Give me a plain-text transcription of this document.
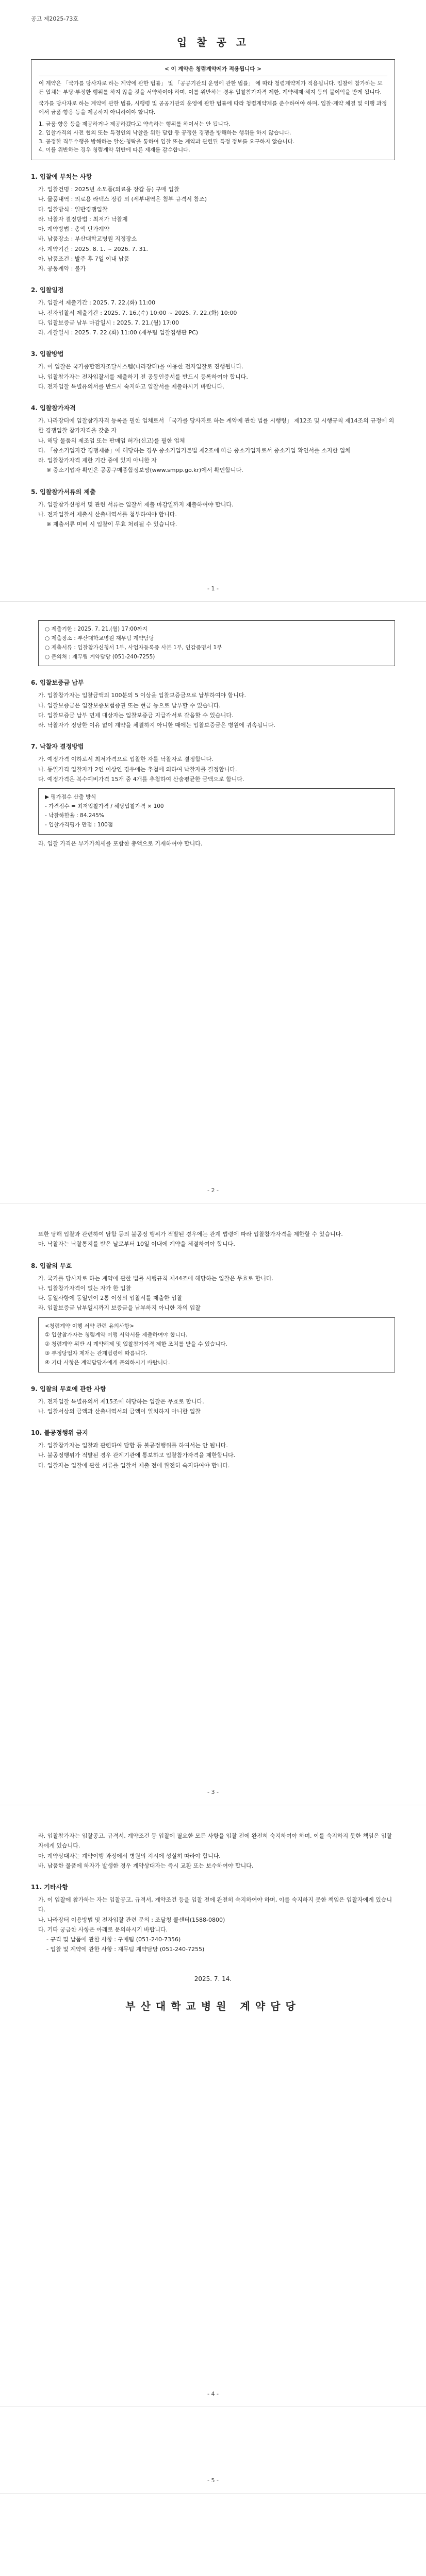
공고 제2025-73호
입 찰 공 고
< 이 계약은 청렴계약제가 적용됩니다 >

이 계약은 「국가를 당사자로 하는 계약에 관한 법률」 및 「공공기관의 운영에 관한 법률」 에 따라 청렴계약제가 적용됩니다. 입찰에 참가하는 모든 업체는 부당·부정한 행위를 하지 않을 것을 서약하여야 하며, 이를 위반하는 경우 입찰참가자격 제한, 계약해제·해지 등의 불이익을 받게 됩니다.

국가를 당사자로 하는 계약에 관한 법률, 시행령 및 공공기관의 운영에 관한 법률에 따라 청렴계약제를 준수하여야 하며, 입찰·계약 체결 및 이행 과정에서 금품·향응 등을 제공하지 아니하여야 합니다.

1. 금품·향응 등을 제공하거나 제공하겠다고 약속하는 행위를 하여서는 안 됩니다.
2. 입찰가격의 사전 협의 또는 특정인의 낙찰을 위한 담합 등 공정한 경쟁을 방해하는 행위를 하지 않습니다.
3. 공정한 직무수행을 방해하는 알선·청탁을 통하여 입찰 또는 계약과 관련된 특정 정보를 요구하지 않습니다.
4. 이를 위반하는 경우 청렴계약 위반에 따른 제재를 감수합니다.
1. 입찰에 부치는 사항
가. 입찰건명 : 2025년 소모품(의료용 장갑 등) 구매 입찰
나. 물품내역 : 의료용 라텍스 장갑 외 (세부내역은 첨부 규격서 참조)
다. 입찰방식 : 일반경쟁입찰
라. 낙찰자 결정방법 : 최저가 낙찰제
마. 계약방법 : 총액 단가계약
바. 납품장소 : 부산대학교병원 지정장소
사. 계약기간 : 2025. 8. 1. ~ 2026. 7. 31.
아. 납품조건 : 발주 후 7일 이내 납품
자. 공동계약 : 불가
2. 입찰일정
가. 입찰서 제출기간 : 2025. 7. 22.(화) 11:00
나. 전자입찰서 제출기간 : 2025. 7. 16.(수) 10:00 ~ 2025. 7. 22.(화) 10:00
다. 입찰보증금 납부 마감일시 : 2025. 7. 21.(월) 17:00
라. 개찰일시 : 2025. 7. 22.(화) 11:00 (재무팀 입찰집행관 PC)
3. 입찰방법
가. 이 입찰은 국가종합전자조달시스템(나라장터)을 이용한 전자입찰로 진행됩니다.
나. 입찰참가자는 전자입찰서를 제출하기 전 공동인증서를 반드시 등록하여야 합니다.
다. 전자입찰 특별유의서를 반드시 숙지하고 입찰서를 제출하시기 바랍니다.
4. 입찰참가자격
가. 나라장터에 입찰참가자격 등록을 필한 업체로서 「국가를 당사자로 하는 계약에 관한 법률 시행령」 제12조 및 시행규칙 제14조의 규정에 의한 경쟁입찰 참가자격을 갖춘 자
나. 해당 물품의 제조업 또는 판매업 허가(신고)를 필한 업체
다. 「중소기업자간 경쟁제품」에 해당하는 경우 중소기업기본법 제2조에 따른 중소기업자로서 중소기업 확인서를 소지한 업체
라. 입찰참가자격 제한 기간 중에 있지 아니한 자
※ 중소기업자 확인은 공공구매종합정보망(www.smpp.go.kr)에서 확인합니다.
5. 입찰참가서류의 제출
가. 입찰참가신청서 및 관련 서류는 입찰서 제출 마감일까지 제출하여야 합니다.
나. 전자입찰서 제출시 산출내역서를 첨부하여야 합니다.
※ 제출서류 미비 시 입찰이 무효 처리될 수 있습니다.
- 1 -
○ 제출기한 : 2025. 7. 21.(월) 17:00까지
○ 제출장소 : 부산대학교병원 재무팀 계약담당
○ 제출서류 : 입찰참가신청서 1부, 사업자등록증 사본 1부, 인감증명서 1부
○ 문의처 : 재무팀 계약담당 (051-240-7255)
6. 입찰보증금 납부
가. 입찰참가자는 입찰금액의 100분의 5 이상을 입찰보증금으로 납부하여야 합니다.
나. 입찰보증금은 입찰보증보험증권 또는 현금 등으로 납부할 수 있습니다.
다. 입찰보증금 납부 면제 대상자는 입찰보증금 지급각서로 갈음할 수 있습니다.
라. 낙찰자가 정당한 이유 없이 계약을 체결하지 아니한 때에는 입찰보증금은 병원에 귀속됩니다.
7. 낙찰자 결정방법
가. 예정가격 이하로서 최저가격으로 입찰한 자를 낙찰자로 결정합니다.
나. 동일가격 입찰자가 2인 이상인 경우에는 추첨에 의하여 낙찰자를 결정합니다.
다. 예정가격은 복수예비가격 15개 중 4개를 추첨하여 산술평균한 금액으로 합니다.
▶ 평가점수 산출 방식
- 가격점수 = 최저입찰가격 / 해당입찰가격 × 100
- 낙찰하한율 : 84.245%
- 입찰가격평가 만점 : 100점
라. 입찰 가격은 부가가치세를 포함한 총액으로 기재하여야 합니다.
- 2 -
또한 당해 입찰과 관련하여 담합 등의 불공정 행위가 적발된 경우에는 관계 법령에 따라 입찰참가자격을 제한할 수 있습니다.
마. 낙찰자는 낙찰통지를 받은 날로부터 10일 이내에 계약을 체결하여야 합니다.
8. 입찰의 무효
가. 국가를 당사자로 하는 계약에 관한 법률 시행규칙 제44조에 해당하는 입찰은 무효로 합니다.
나. 입찰참가자격이 없는 자가 한 입찰
다. 동일사항에 동일인이 2통 이상의 입찰서를 제출한 입찰
라. 입찰보증금 납부일시까지 보증금을 납부하지 아니한 자의 입찰
<청렴계약 이행 서약 관련 유의사항>
① 입찰참가자는 청렴계약 이행 서약서를 제출하여야 합니다.
② 청렴계약 위반 시 계약해제 및 입찰참가자격 제한 조치를 받을 수 있습니다.
③ 부정당업자 제재는 관계법령에 따릅니다.
④ 기타 사항은 계약담당자에게 문의하시기 바랍니다.
9. 입찰의 무효에 관한 사항
가. 전자입찰 특별유의서 제15조에 해당하는 입찰은 무효로 합니다.
나. 입찰서상의 금액과 산출내역서의 금액이 일치하지 아니한 입찰
10. 불공정행위 금지
가. 입찰참가자는 입찰과 관련하여 담합 등 불공정행위를 하여서는 안 됩니다.
나. 불공정행위가 적발된 경우 관계기관에 통보하고 입찰참가자격을 제한합니다.
다. 입찰자는 입찰에 관한 서류를 입찰서 제출 전에 완전히 숙지하여야 합니다.
- 3 -
라. 입찰참가자는 입찰공고, 규격서, 계약조건 등 입찰에 필요한 모든 사항을 입찰 전에 완전히 숙지하여야 하며, 이를 숙지하지 못한 책임은 입찰자에게 있습니다.
마. 계약상대자는 계약이행 과정에서 병원의 지시에 성실히 따라야 합니다.
바. 납품한 물품에 하자가 발생한 경우 계약상대자는 즉시 교환 또는 보수하여야 합니다.
11. 기타사항
가. 이 입찰에 참가하는 자는 입찰공고, 규격서, 계약조건 등을 입찰 전에 완전히 숙지하여야 하며, 이를 숙지하지 못한 책임은 입찰자에게 있습니다.
나. 나라장터 이용방법 및 전자입찰 관련 문의 : 조달청 콜센터(1588-0800)
다. 기타 궁금한 사항은 아래로 문의하시기 바랍니다.
- 규격 및 납품에 관한 사항 : 구매팀 (051-240-7356)
- 입찰 및 계약에 관한 사항 : 재무팀 계약담당 (051-240-7255)
2025. 7. 14.
부산대학교병원 계약담당
- 4 -
- 5 -
